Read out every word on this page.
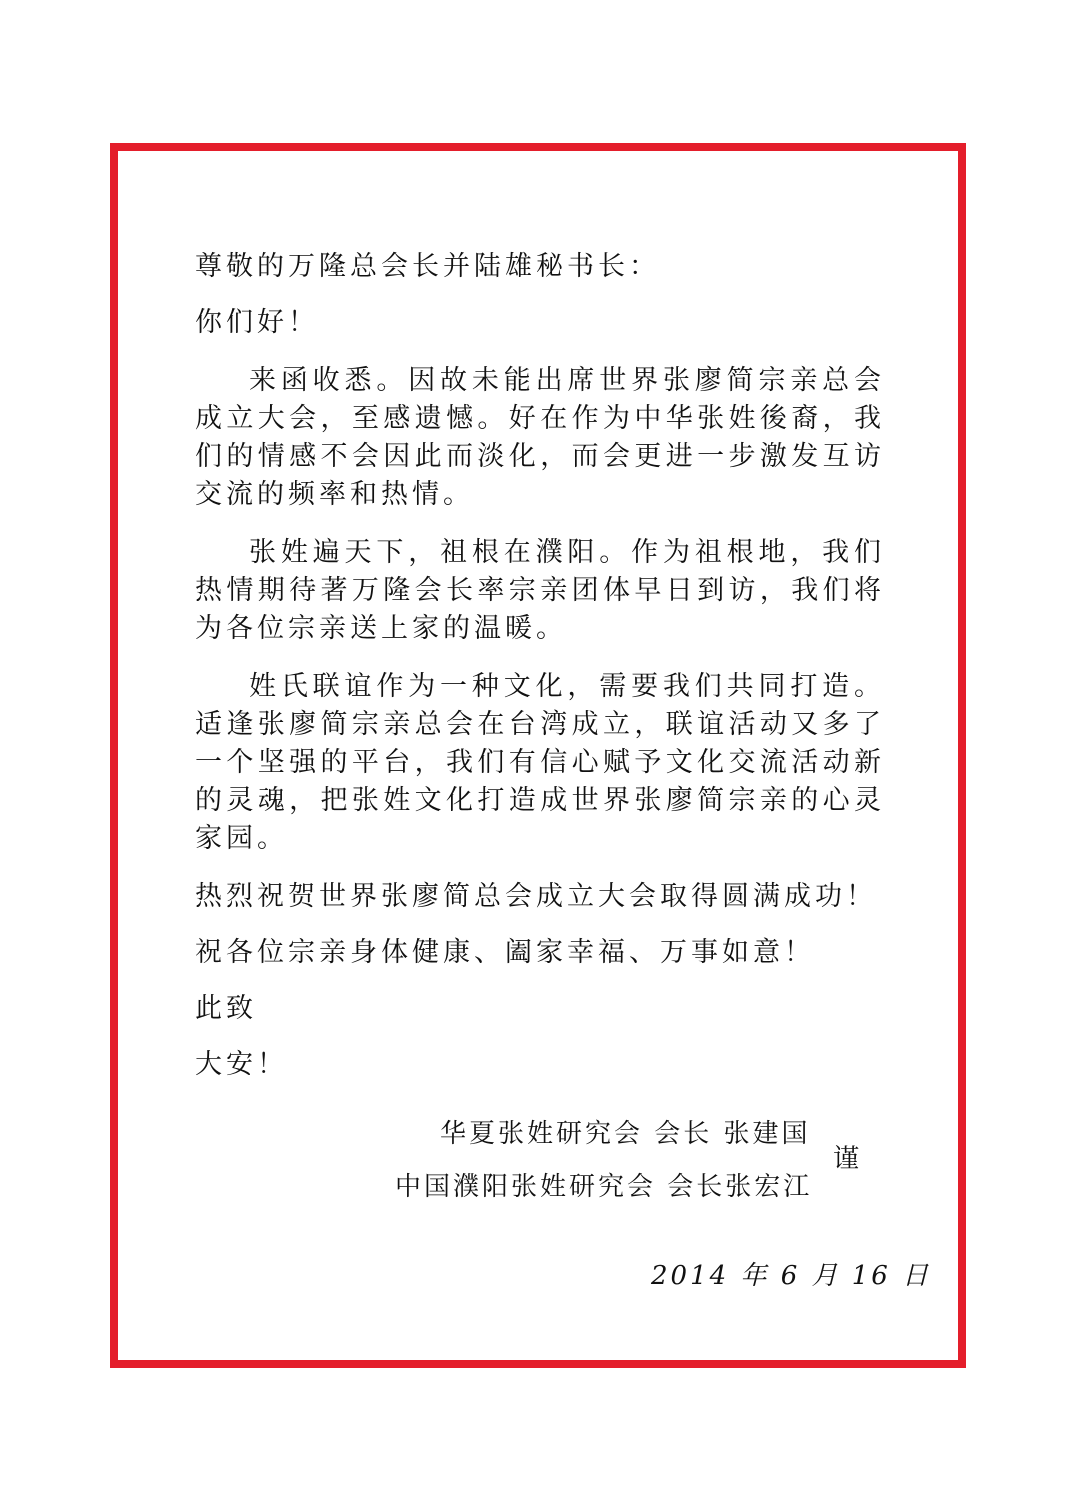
尊敬的万隆总会长并陆雄秘书长：

你们好！

来函收悉。因故未能出席世界张廖简宗亲总会成立大会，至感遗憾。好在作为中华张姓後裔，我们的情感不会因此而淡化，而会更进一步激发互访交流的频率和热情。

张姓遍天下，祖根在濮阳。作为祖根地，我们热情期待著万隆会长率宗亲团体早日到访，我们将为各位宗亲送上家的温暖。

姓氏联谊作为一种文化，需要我们共同打造。适逢张廖简宗亲总会在台湾成立，联谊活动又多了一个坚强的平台，我们有信心赋予文化交流活动新的灵魂，把张姓文化打造成世界张廖简宗亲的心灵家园。

热烈祝贺世界张廖简总会成立大会取得圆满成功！

祝各位宗亲身体健康、阖家幸福、万事如意！

此致

大安！

华夏张姓研究会 会长 张建国
谨
中国濮阳张姓研究会 会长张宏江
2014 年 6 月 16 日
